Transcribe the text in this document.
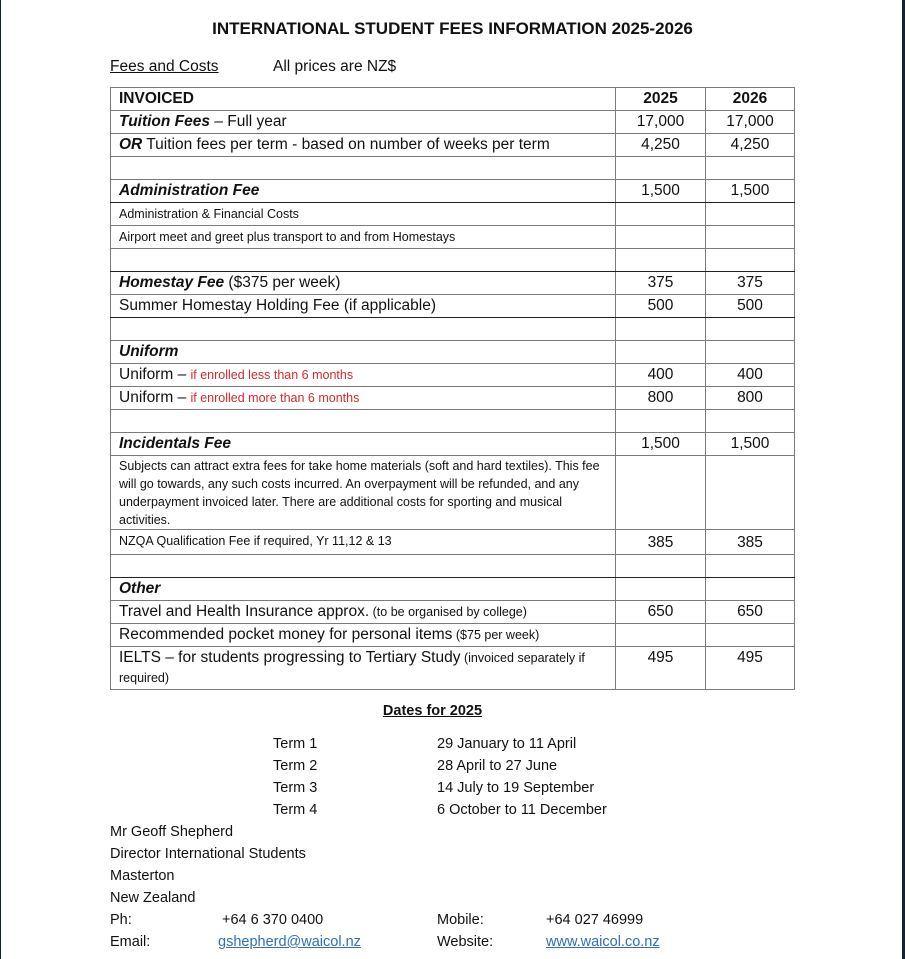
INTERNATIONAL STUDENT FEES INFORMATION 2025-2026
Fees and Costs	All prices are NZ$
INVOICED	2025	2026
Tuition Fees – Full year	17,000	17,000
OR Tuition fees per term - based on number of weeks per term	4,250	4,250

Administration Fee	1,500	1,500
Administration & Financial Costs		
Airport meet and greet plus transport to and from Homestays		

Homestay Fee ($375 per week)	375	375
Summer Homestay Holding Fee (if applicable)	500	500

Uniform		
Uniform – if enrolled less than 6 months	400	400
Uniform – if enrolled more than 6 months	800	800

Incidentals Fee	1,500	1,500
Subjects can attract extra fees for take home materials (soft and hard textiles). This fee will go towards, any such costs incurred. An overpayment will be refunded, and any underpayment invoiced later. There are additional costs for sporting and musical activities.		
NZQA Qualification Fee if required, Yr 11,12 & 13	385	385

Other		
Travel and Health Insurance approx. (to be organised by college)	650	650
Recommended pocket money for personal items ($75 per week)		
IELTS – for students progressing to Tertiary Study (invoiced separately if required)	495	495
Dates for 2025
Term 1	29 January to 11 April
Term 2	28 April to 27 June
Term 3	14 July to 19 September
Term 4	6 October to 11 December
Mr Geoff Shepherd
Director International Students
Masterton
New Zealand
Ph:	+64 6 370 0400	Mobile:	+64 027 46999
Email:	gshepherd@waicol.nz	Website:	www.waicol.co.nz
